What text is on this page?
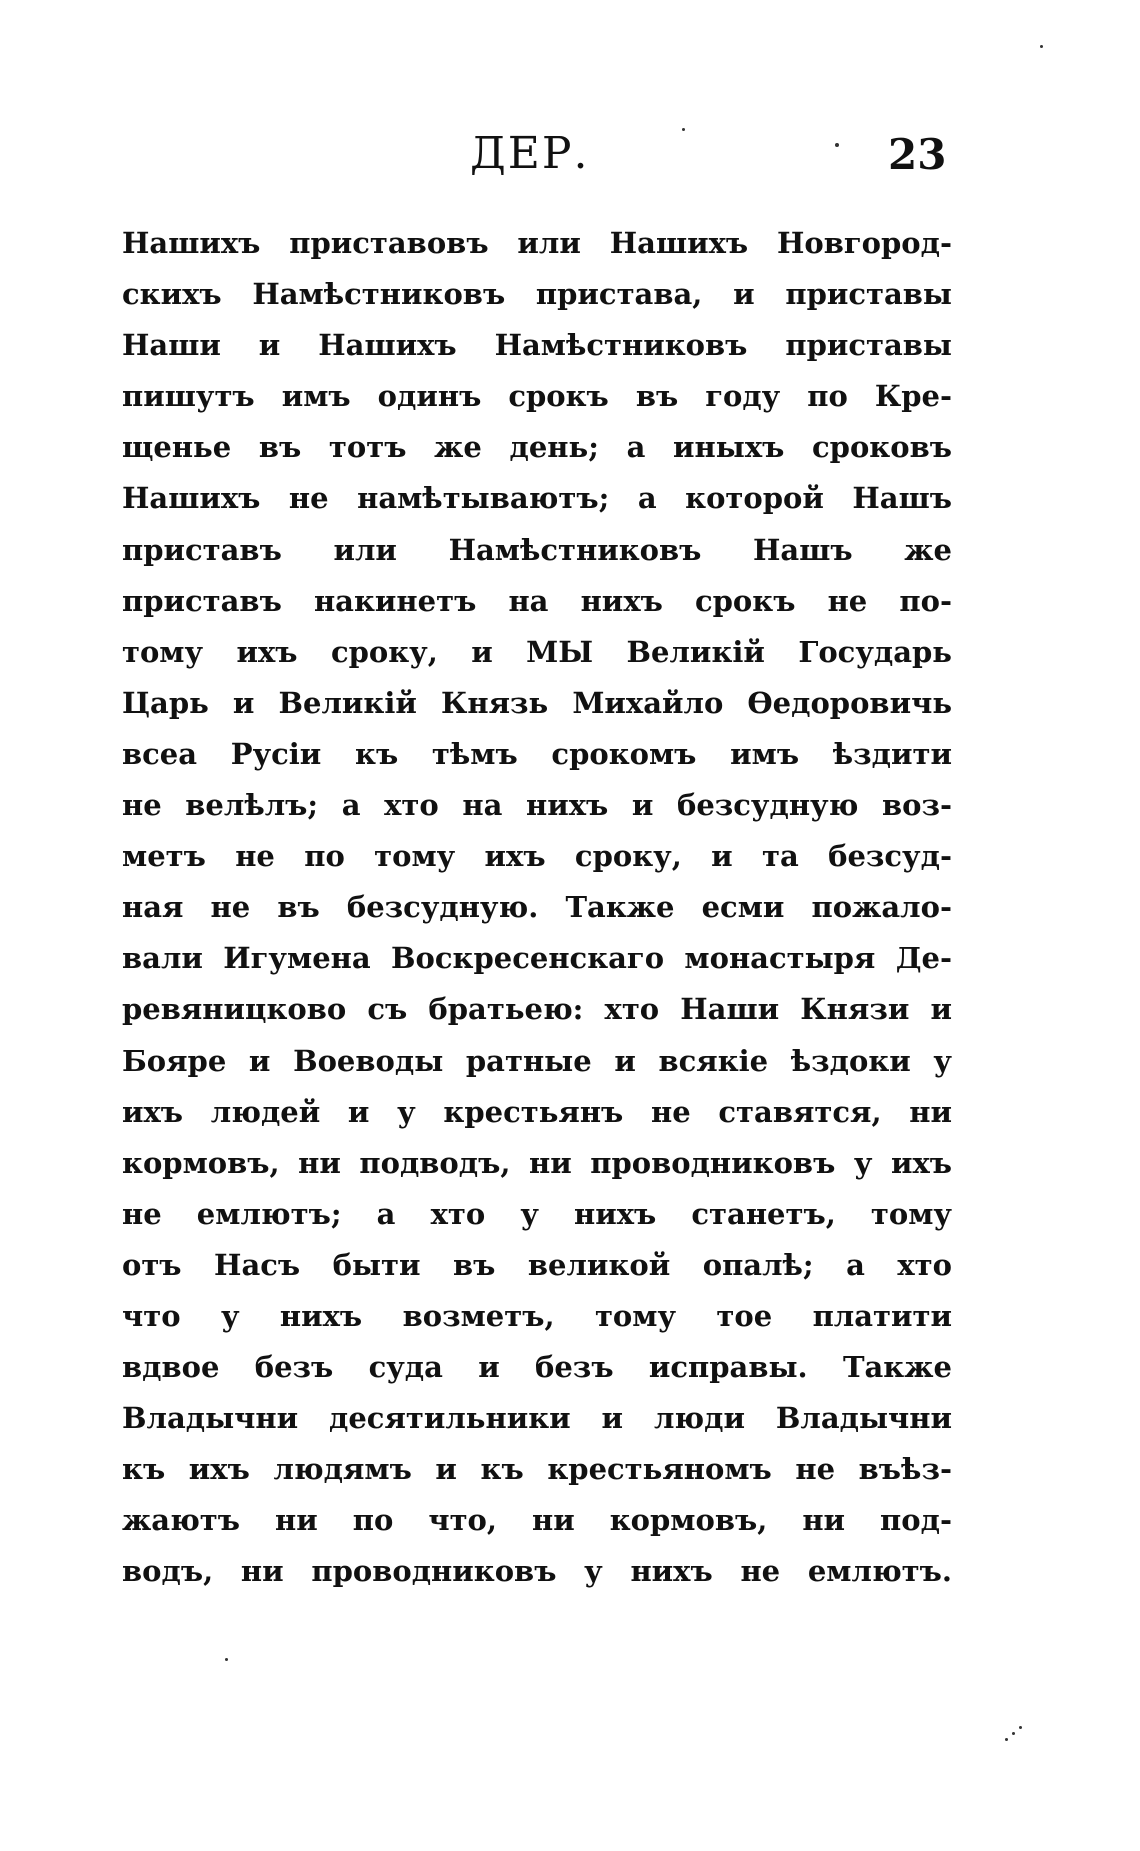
ДЕР.	23
Нашихъ приставовъ или Нашихъ Новгород-
скихъ Намѣстниковъ пристава, и приставы
Наши и Нашихъ Намѣстниковъ приставы
пишутъ имъ одинъ срокъ въ году по Кре-
щенье въ тотъ же день; а иныхъ сроковъ
Нашихъ не намѣтываютъ; а которой Нашъ
приставъ или Намѣстниковъ Нашъ же
приставъ накинетъ на нихъ срокъ не по-
тому ихъ сроку, и МЫ Великій Государь
Царь и Великій Князь Михайло Ѳедоровичь
всеа Русіи къ тѣмъ срокомъ имъ ѣздити
не велѣлъ; а хто на нихъ и безсудную воз-
метъ не по тому ихъ сроку, и та безсуд-
ная не въ безсудную. Также есми пожало-
вали Игумена Воскресенскаго монастыря Де-
ревяницково съ братьею: хто Наши Князи и
Бояре и Воеводы ратные и всякіе ѣздоки у
ихъ людей и у крестьянъ не ставятся, ни
кормовъ, ни подводъ, ни проводниковъ у ихъ
не емлютъ; а хто у нихъ станетъ, тому
отъ Насъ быти въ великой опалѣ; а хто
что у нихъ возметъ, тому тое платити
вдвое безъ суда и безъ исправы. Также
Владычни десятильники и люди Владычни
къ ихъ людямъ и къ крестьяномъ не въѣз-
жаютъ ни по что, ни кормовъ, ни под-
водъ, ни проводниковъ у нихъ не емлютъ.
